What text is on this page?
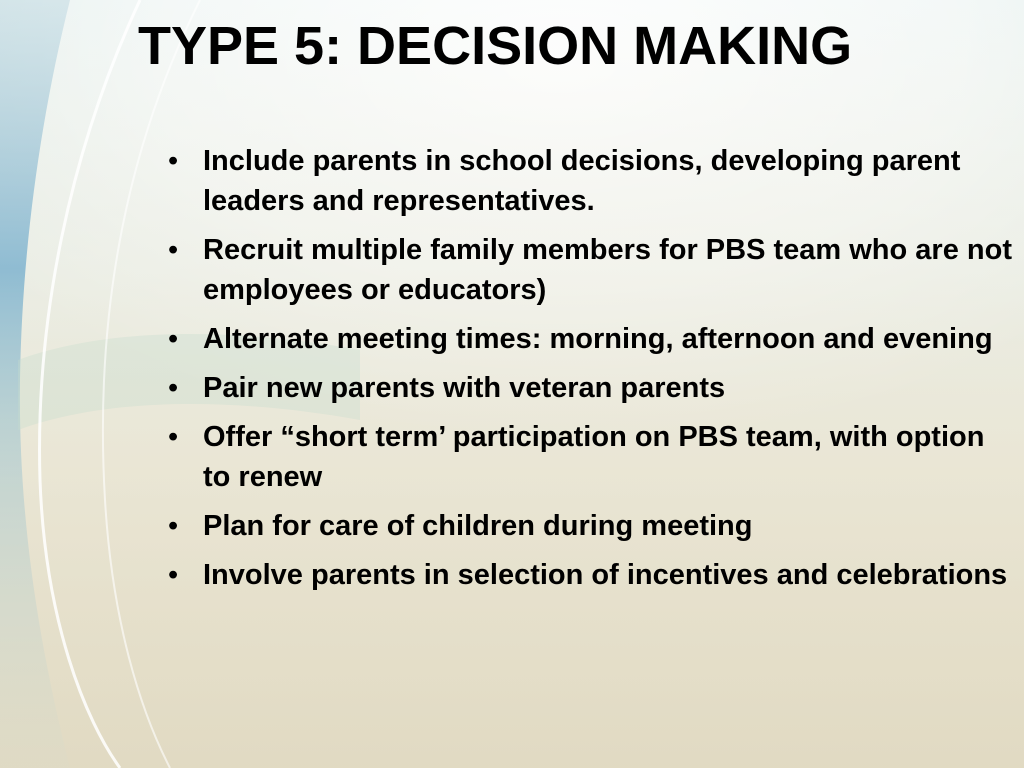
TYPE 5: DECISION MAKING
• Include parents in school decisions, developing parent leaders and representatives.
• Recruit multiple family members for PBS team who are not employees or educators)
• Alternate meeting times: morning, afternoon and evening
• Pair new parents with veteran parents
• Offer “short term’ participation on PBS team, with option to renew
• Plan for care of children during meeting
• Involve parents in selection of incentives and celebrations
